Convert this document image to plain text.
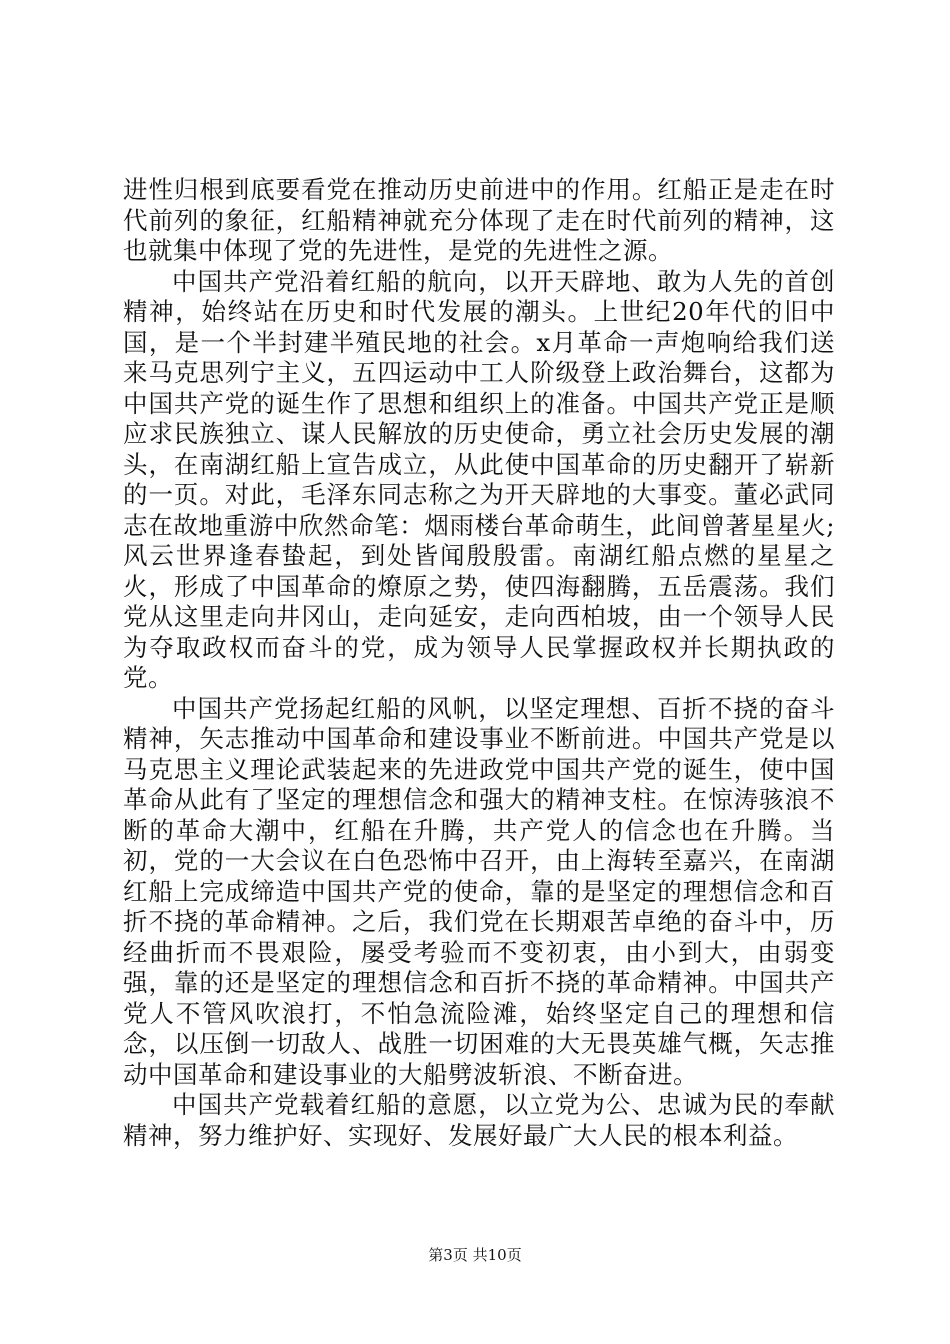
进性归根到底要看党在推动历史前进中的作用。红船正是走在时代前列的象征，红船精神就充分体现了走在时代前列的精神，这也就集中体现了党的先进性，是党的先进性之源。

中国共产党沿着红船的航向，以开天辟地、敢为人先的首创精神，始终站在历史和时代发展的潮头。上世纪20年代的旧中国，是一个半封建半殖民地的社会。x月革命一声炮响给我们送来马克思列宁主义，五四运动中工人阶级登上政治舞台，这都为中国共产党的诞生作了思想和组织上的准备。中国共产党正是顺应求民族独立、谋人民解放的历史使命，勇立社会历史发展的潮头，在南湖红船上宣告成立，从此使中国革命的历史翻开了崭新的一页。对此，毛泽东同志称之为开天辟地的大事变。董必武同志在故地重游中欣然命笔：烟雨楼台革命萌生，此间曾著星星火;风云世界逢春蛰起，到处皆闻殷殷雷。南湖红船点燃的星星之火，形成了中国革命的燎原之势，使四海翻腾，五岳震荡。我们党从这里走向井冈山，走向延安，走向西柏坡，由一个领导人民为夺取政权而奋斗的党，成为领导人民掌握政权并长期执政的党。

中国共产党扬起红船的风帆，以坚定理想、百折不挠的奋斗精神，矢志推动中国革命和建设事业不断前进。中国共产党是以马克思主义理论武装起来的先进政党中国共产党的诞生，使中国革命从此有了坚定的理想信念和强大的精神支柱。在惊涛骇浪不断的革命大潮中，红船在升腾，共产党人的信念也在升腾。当初，党的一大会议在白色恐怖中召开，由上海转至嘉兴，在南湖红船上完成缔造中国共产党的使命，靠的是坚定的理想信念和百折不挠的革命精神。之后，我们党在长期艰苦卓绝的奋斗中，历经曲折而不畏艰险，屡受考验而不变初衷，由小到大，由弱变强，靠的还是坚定的理想信念和百折不挠的革命精神。中国共产党人不管风吹浪打，不怕急流险滩，始终坚定自己的理想和信念，以压倒一切敌人、战胜一切困难的大无畏英雄气概，矢志推动中国革命和建设事业的大船劈波斩浪、不断奋进。

中国共产党载着红船的意愿，以立党为公、忠诚为民的奉献精神，努力维护好、实现好、发展好最广大人民的根本利益。

第3页 共10页
